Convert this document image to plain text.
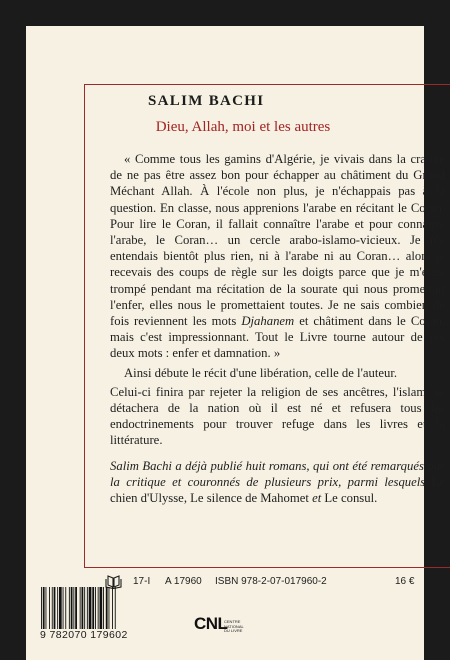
SALIM BACHI
Dieu, Allah, moi et les autres

« Comme tous les gamins d'Algérie, je vivais dans la crainte de ne pas être assez bon pour échapper au châtiment du Grand Méchant Allah. À l'école non plus, je n'échappais pas à la question. En classe, nous apprenions l'arabe en récitant le Coran. Pour lire le Coran, il fallait connaître l'arabe et pour connaître l'arabe, le Coran… un cercle arabo-islamo-vicieux. Je n'y entendais bientôt plus rien, ni à l'arabe ni au Coran… alors je recevais des coups de règle sur les doigts parce que je m'étais trompé pendant ma récitation de la sourate qui nous promettait l'enfer, elles nous le promettaient toutes. Je ne sais combien de fois reviennent les mots Djahanem et châtiment dans le Coran, mais c'est impressionnant. Tout le Livre tourne autour de ces deux mots : enfer et damnation. »

Ainsi débute le récit d'une libération, celle de l'auteur.

Celui-ci finira par rejeter la religion de ses ancêtres, l'islam, se détachera de la nation où il est né et refusera tous les endoctrinements pour trouver refuge dans les livres et la littérature.

Salim Bachi a déjà publié huit romans, qui ont été remarqués par la critique et couronnés de plusieurs prix, parmi lesquels Le chien d'Ulysse, Le silence de Mahomet et Le consul.

17-I A 17960 ISBN 978-2-07-017960-2	16 €
9 782070 179602
CNL
CENTRE
NATIONAL
DU LIVRE
